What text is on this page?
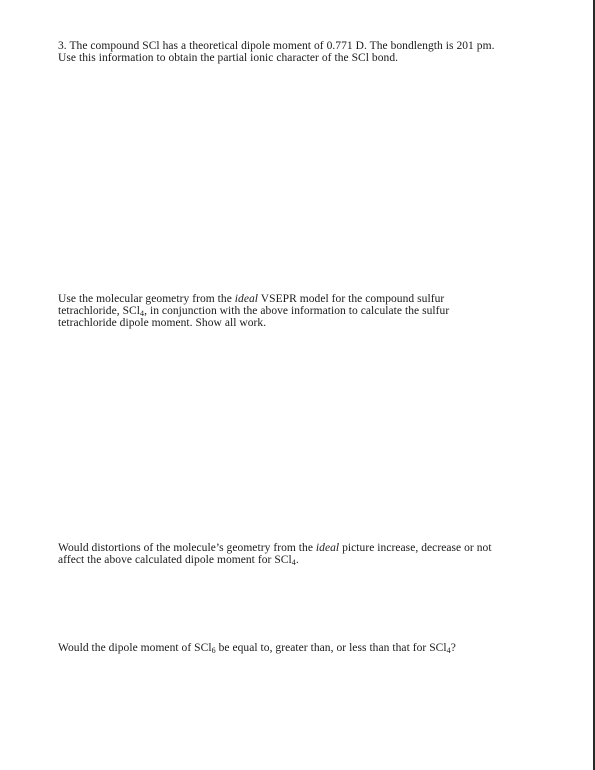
3. The compound SCl has a theoretical dipole moment of 0.771 D. The bondlength is 201 pm.
Use this information to obtain the partial ionic character of the SCl bond.
Use the molecular geometry from the ideal VSEPR model for the compound sulfur
tetrachloride, SCl$_4$, in conjunction with the above information to calculate the sulfur
tetrachloride dipole moment. Show all work.
Would distortions of the molecule’s geometry from the ideal picture increase, decrease or not
affect the above calculated dipole moment for SCl$_4$.
Would the dipole moment of SCl$_6$ be equal to, greater than, or less than that for SCl$_4$?
